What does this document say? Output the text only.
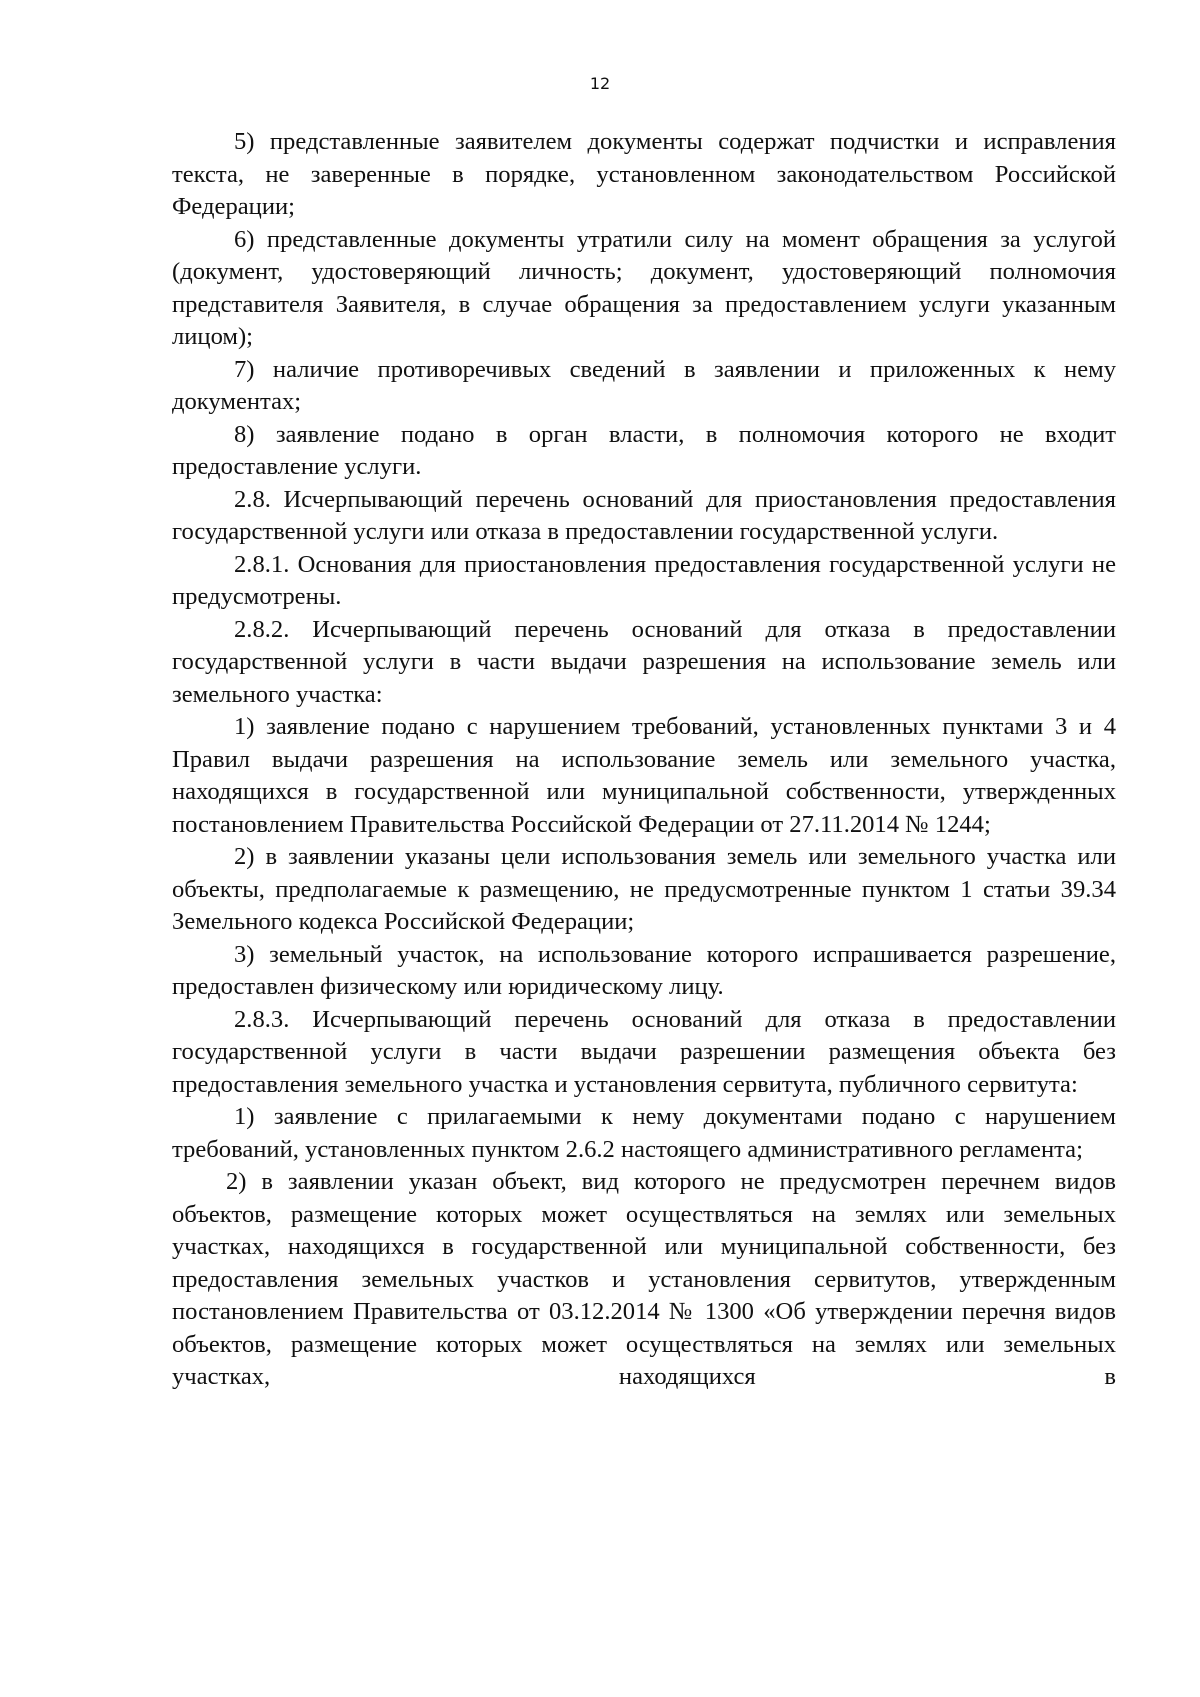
12

5) представленные заявителем документы содержат подчистки и исправления текста, не заверенные в порядке, установленном законодательством Российской Федерации;

6) представленные документы утратили силу на момент обращения за услугой (документ, удостоверяющий личность; документ, удостоверяющий полномочия представителя Заявителя, в случае обращения за предоставлением услуги указанным лицом);

7) наличие противоречивых сведений в заявлении и приложенных к нему документах;

8) заявление подано в орган власти, в полномочия которого не входит предоставление услуги.

2.8. Исчерпывающий перечень оснований для приостановления предоставления государственной услуги или отказа в предоставлении государственной услуги.

2.8.1. Основания для приостановления предоставления государственной услуги не предусмотрены.

2.8.2. Исчерпывающий перечень оснований для отказа в предоставлении государственной услуги в части выдачи разрешения на использование земель или земельного участка:

1) заявление подано с нарушением требований, установленных пунктами 3 и 4 Правил выдачи разрешения на использование земель или земельного участка, находящихся в государственной или муниципальной собственности, утвержденных постановлением Правительства Российской Федерации от 27.11.2014 № 1244;

2) в заявлении указаны цели использования земель или земельного участка или объекты, предполагаемые к размещению, не предусмотренные пунктом 1 статьи 39.34 Земельного кодекса Российской Федерации;

3) земельный участок, на использование которого испрашивается разрешение, предоставлен физическому или юридическому лицу.

2.8.3. Исчерпывающий перечень оснований для отказа в предоставлении государственной услуги в части выдачи разрешении размещения объекта без предоставления земельного участка и установления сервитута, публичного сервитута:

1) заявление с прилагаемыми к нему документами подано с нарушением требований, установленных пунктом 2.6.2 настоящего административного регламента;

2) в заявлении указан объект, вид которого не предусмотрен перечнем видов объектов, размещение которых может осуществляться на землях или земельных участках, находящихся в государственной или муниципальной собственности, без предоставления земельных участков и установления сервитутов, утвержденным постановлением Правительства от 03.12.2014 № 1300 «Об утверждении перечня видов объектов, размещение которых может осуществляться на землях или земельных участках, находящихся в
